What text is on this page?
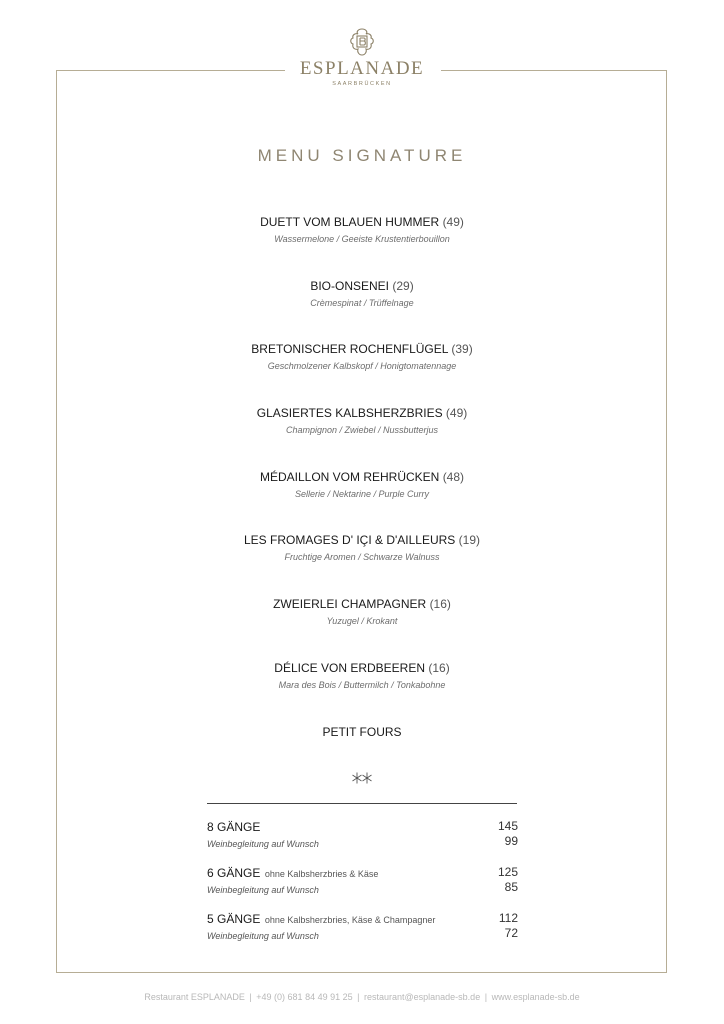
ESPLANADE
SAARBRÜCKEN
MENU SIGNATURE
DUETT VOM BLAUEN HUMMER (49)
Wassermelone / Geeiste Krustentierbouillon
BIO-ONSENEI (29)
Crèmespinat / Trüffelnage
BRETONISCHER ROCHENFLÜGEL (39)
Geschmolzener Kalbskopf / Honigtomatennage
GLASIERTES KALBSHERZBRIES (49)
Champignon / Zwiebel / Nussbutterjus
MÉDAILLON VOM REHRÜCKEN (48)
Sellerie / Nektarine / Purple Curry
LES FROMAGES D' IÇI & D'AILLEURS (19)
Fruchtige Aromen / Schwarze Walnuss
ZWEIERLEI CHAMPAGNER (16)
Yuzugel / Krokant
DÉLICE VON ERDBEEREN (16)
Mara des Bois / Buttermilch / Tonkabohne
PETIT FOURS
8 GÄNGE	145
Weinbegleitung auf Wunsch	99
6 GÄNGE ohne Kalbsherzbries & Käse	125
Weinbegleitung auf Wunsch	85
5 GÄNGE ohne Kalbsherzbries, Käse & Champagner	112
Weinbegleitung auf Wunsch	72
Restaurant ESPLANADE | +49 (0) 681 84 49 91 25 | restaurant@esplanade-sb.de | www.esplanade-sb.de
